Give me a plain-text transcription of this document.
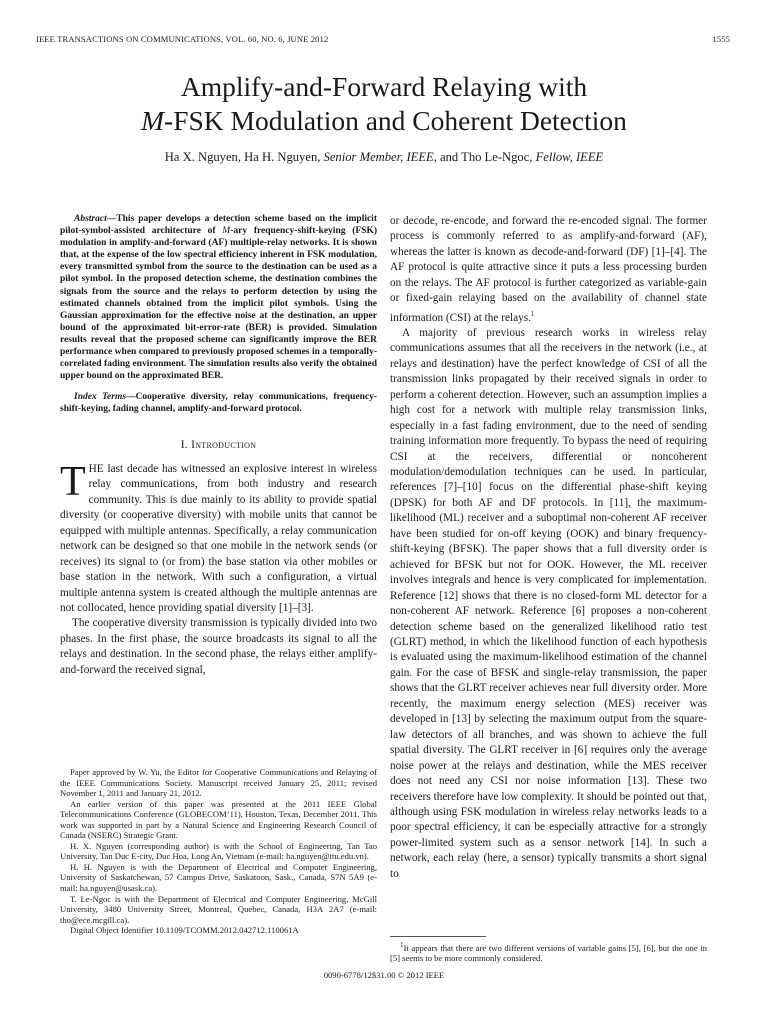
IEEE TRANSACTIONS ON COMMUNICATIONS, VOL. 60, NO. 6, JUNE 2012	1555
Amplify-and-Forward Relaying with
M-FSK Modulation and Coherent Detection
Ha X. Nguyen, Ha H. Nguyen, Senior Member, IEEE, and Tho Le-Ngoc, Fellow, IEEE

Abstract—This paper develops a detection scheme based on the implicit pilot-symbol-assisted architecture of M-ary frequency-shift-keying (FSK) modulation in amplify-and-forward (AF) multiple-relay networks. It is shown that, at the expense of the low spectral efficiency inherent in FSK modulation, every transmitted symbol from the source to the destination can be used as a pilot symbol. In the proposed detection scheme, the destination combines the signals from the source and the relays to perform detection by using the estimated channels obtained from the implicit pilot symbols. Using the Gaussian approximation for the effective noise at the destination, an upper bound of the approximated bit-error-rate (BER) is provided. Simulation results reveal that the proposed scheme can significantly improve the BER performance when compared to previously proposed schemes in a temporally-correlated fading environment. The simulation results also verify the obtained upper bound on the approximated BER.

Index Terms—Cooperative diversity, relay communications, frequency-shift-keying, fading channel, amplify-and-forward protocol.

I. Introduction

THE last decade has witnessed an explosive interest in wireless relay communications, from both industry and research community. This is due mainly to its ability to provide spatial diversity (or cooperative diversity) with mobile units that cannot be equipped with multiple antennas. Specifically, a relay communication network can be designed so that one mobile in the network sends (or receives) its signal to (or from) the base station via other mobiles or base station in the network. With such a configuration, a virtual multiple antenna system is created although the multiple antennas are not collocated, hence providing spatial diversity [1]–[3].

The cooperative diversity transmission is typically divided into two phases. In the first phase, the source broadcasts its signal to all the relays and destination. In the second phase, the relays either amplify-and-forward the received signal,

Paper approved by W. Yu, the Editor for Cooperative Communications and Relaying of the IEEE Communications Society. Manuscript received January 25, 2011; revised November 1, 2011 and January 21, 2012.

An earlier version of this paper was presented at the 2011 IEEE Global Telecommunications Conference (GLOBECOM’11), Houston, Texas, December 2011. This work was supported in part by a Natural Science and Engineering Research Council of Canada (NSERC) Strategic Grant.

H. X. Nguyen (corresponding author) is with the School of Engineering, Tan Tao University, Tan Duc E-city, Duc Hoa, Long An, Vietnam (e-mail: ha.nguyen@ttu.edu.vn).

H. H. Nguyen is with the Department of Electrical and Computer Engineering, University of Saskatchewan, 57 Campus Drive, Saskatoon, Sask., Canada, S7N 5A9 (e-mail: ha.nguyen@usask.ca).

T. Le-Ngoc is with the Department of Electrical and Computer Engineering, McGill University, 3480 University Street, Montreal, Quebec, Canada, H3A 2A7 (e-mail: tho@ece.mcgill.ca).

Digital Object Identifier 10.1109/TCOMM.2012.042712.110061A

or decode, re-encode, and forward the re-encoded signal. The former process is commonly referred to as amplify-and-forward (AF), whereas the latter is known as decode-and-forward (DF) [1]–[4]. The AF protocol is quite attractive since it puts a less processing burden on the relays. The AF protocol is further categorized as variable-gain or fixed-gain relaying based on the availability of channel state information (CSI) at the relays.$^1$

A majority of previous research works in wireless relay communications assumes that all the receivers in the network (i.e., at relays and destination) have the perfect knowledge of CSI of all the transmission links propagated by their received signals in order to perform a coherent detection. However, such an assumption implies a high cost for a network with multiple relay transmission links, especially in a fast fading environment, due to the need of sending training information more frequently. To bypass the need of requiring CSI at the receivers, differential or noncoherent modulation/demodulation techniques can be used. In particular, references [7]–[10] focus on the differential phase-shift keying (DPSK) for both AF and DF protocols. In [11], the maximum-likelihood (ML) receiver and a suboptimal non-coherent AF receiver have been studied for on-off keying (OOK) and binary frequency-shift-keying (BFSK). The paper shows that a full diversity order is achieved for BFSK but not for OOK. However, the ML receiver involves integrals and hence is very complicated for implementation. Reference [12] shows that there is no closed-form ML detector for a non-coherent AF network. Reference [6] proposes a non-coherent detection scheme based on the generalized likelihood ratio test (GLRT) method, in which the likelihood function of each hypothesis is evaluated using the maximum-likelihood estimation of the channel gain. For the case of BFSK and single-relay transmission, the paper shows that the GLRT receiver achieves near full diversity order. More recently, the maximum energy selection (MES) receiver was developed in [13] by selecting the maximum output from the square-law detectors of all branches, and was shown to achieve the full spatial diversity. The GLRT receiver in [6] requires only the average noise power at the relays and destination, while the MES receiver does not need any CSI nor noise information [13]. These two receivers therefore have low complexity. It should be pointed out that, although using FSK modulation in wireless relay networks leads to a poor spectral efficiency, it can be especially attractive for a strongly power-limited system such as a sensor network [14]. In such a network, each relay (here, a sensor) typically transmits a short signal to

$^1$It appears that there are two different versions of variable gains [5], [6], but the one in [5] seems to be more commonly considered.
0090-6778/12$31.00 © 2012 IEEE
